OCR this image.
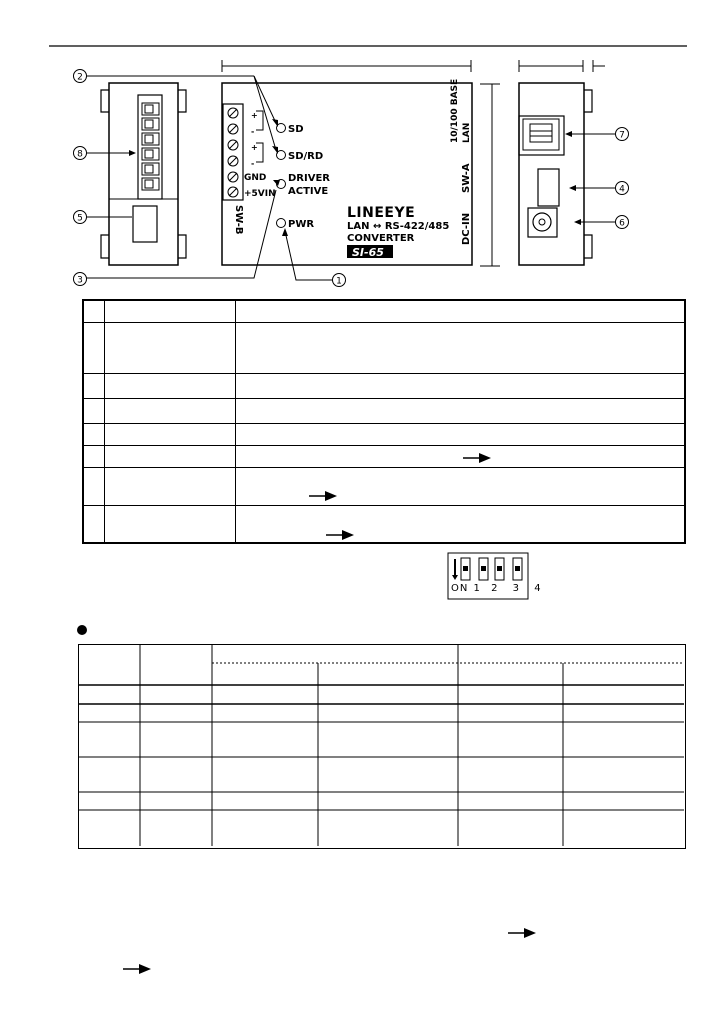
+
-
+
-
GND
+5VIN
SW-B
SD
SD/RD
DRIVER
ACTIVE
PWR
LINEEYE
LAN ↔ RS-422/485
CONVERTER
SI-65
10/100 BASE LAN
SW-A
DC-IN
2
8
5
3	1
7
4
6

ON 1 2 3 4
